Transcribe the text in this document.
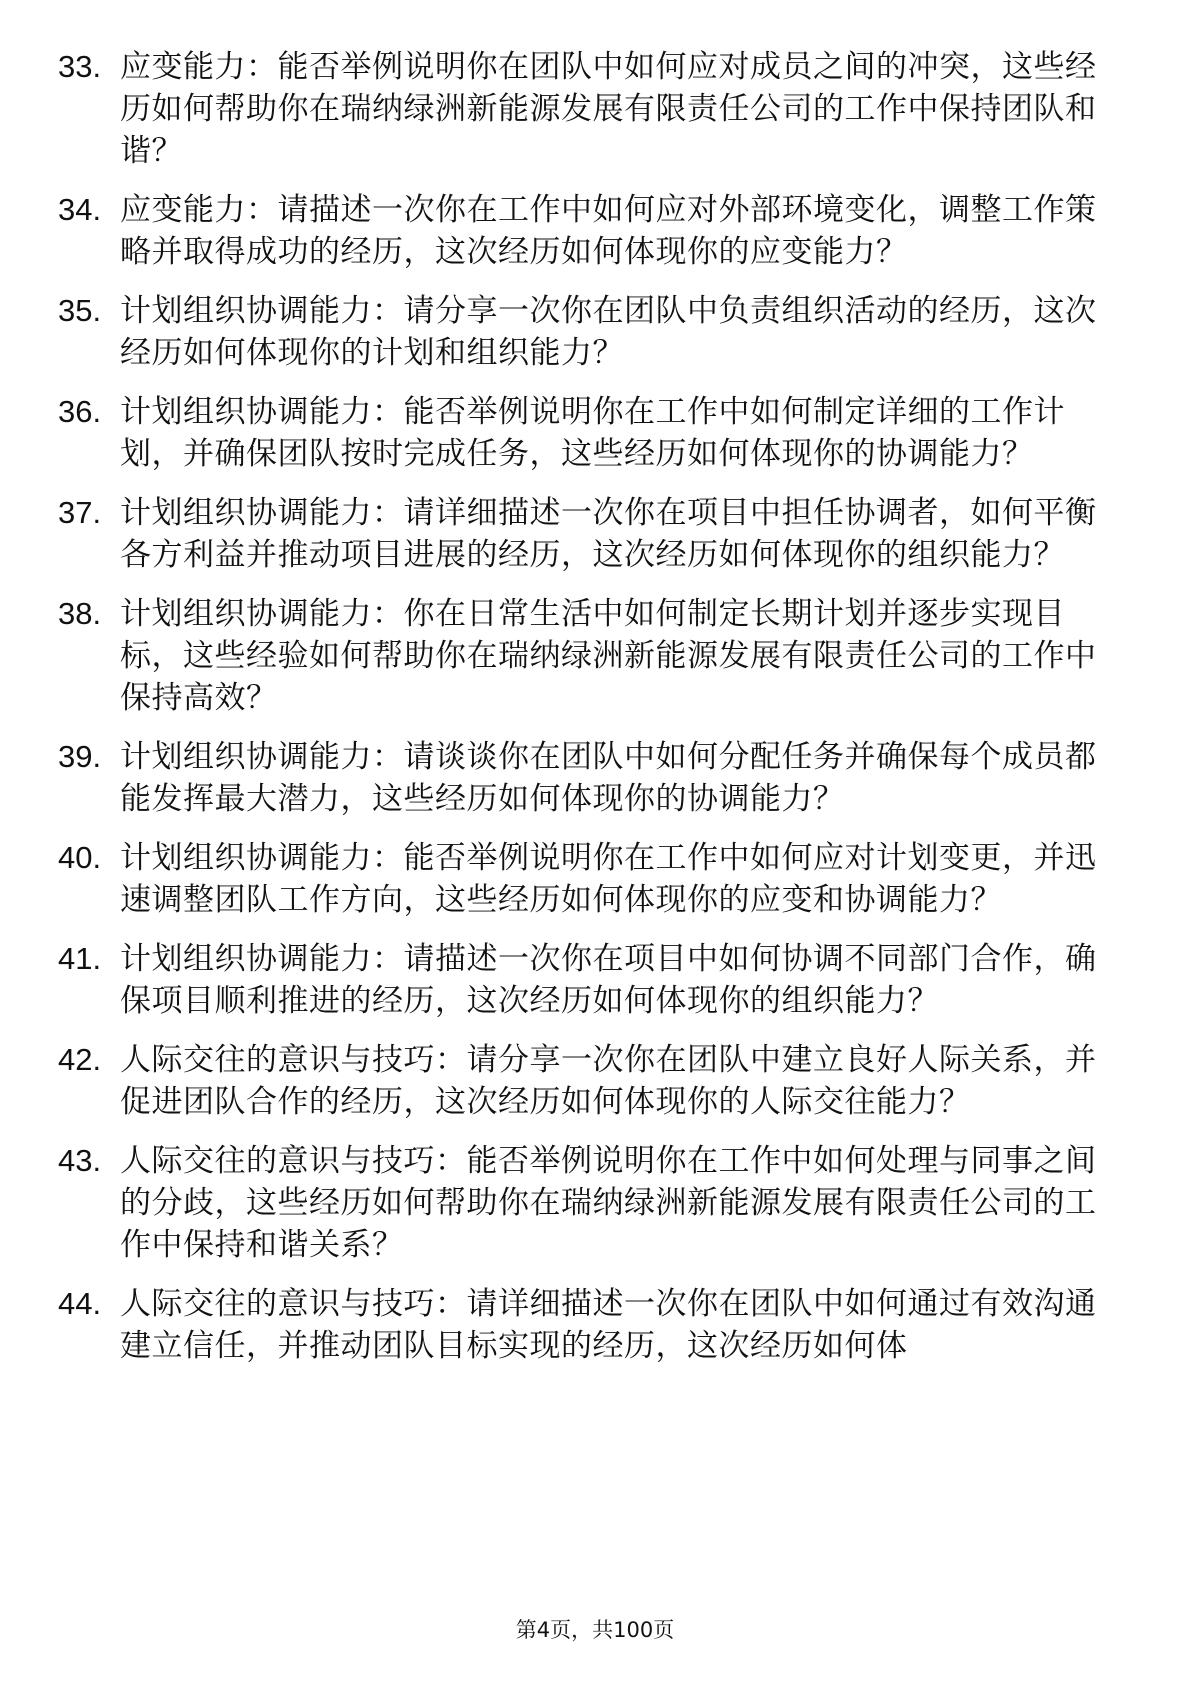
33. 应变能力：能否举例说明你在团队中如何应对成员之间的冲突，这些经历如何帮助你在瑞纳绿洲新能源发展有限责任公司的工作中保持团队和谐？
34. 应变能力：请描述一次你在工作中如何应对外部环境变化，调整工作策略并取得成功的经历，这次经历如何体现你的应变能力？
35. 计划组织协调能力：请分享一次你在团队中负责组织活动的经历，这次经历如何体现你的计划和组织能力？
36. 计划组织协调能力：能否举例说明你在工作中如何制定详细的工作计划，并确保团队按时完成任务，这些经历如何体现你的协调能力？
37. 计划组织协调能力：请详细描述一次你在项目中担任协调者，如何平衡各方利益并推动项目进展的经历，这次经历如何体现你的组织能力？
38. 计划组织协调能力：你在日常生活中如何制定长期计划并逐步实现目标，这些经验如何帮助你在瑞纳绿洲新能源发展有限责任公司的工作中保持高效？
39. 计划组织协调能力：请谈谈你在团队中如何分配任务并确保每个成员都能发挥最大潜力，这些经历如何体现你的协调能力？
40. 计划组织协调能力：能否举例说明你在工作中如何应对计划变更，并迅速调整团队工作方向，这些经历如何体现你的应变和协调能力？
41. 计划组织协调能力：请描述一次你在项目中如何协调不同部门合作，确保项目顺利推进的经历，这次经历如何体现你的组织能力？
42. 人际交往的意识与技巧：请分享一次你在团队中建立良好人际关系，并促进团队合作的经历，这次经历如何体现你的人际交往能力？
43. 人际交往的意识与技巧：能否举例说明你在工作中如何处理与同事之间的分歧，这些经历如何帮助你在瑞纳绿洲新能源发展有限责任公司的工作中保持和谐关系？
44. 人际交往的意识与技巧：请详细描述一次你在团队中如何通过有效沟通建立信任，并推动团队目标实现的经历，这次经历如何体
第4页，共100页
